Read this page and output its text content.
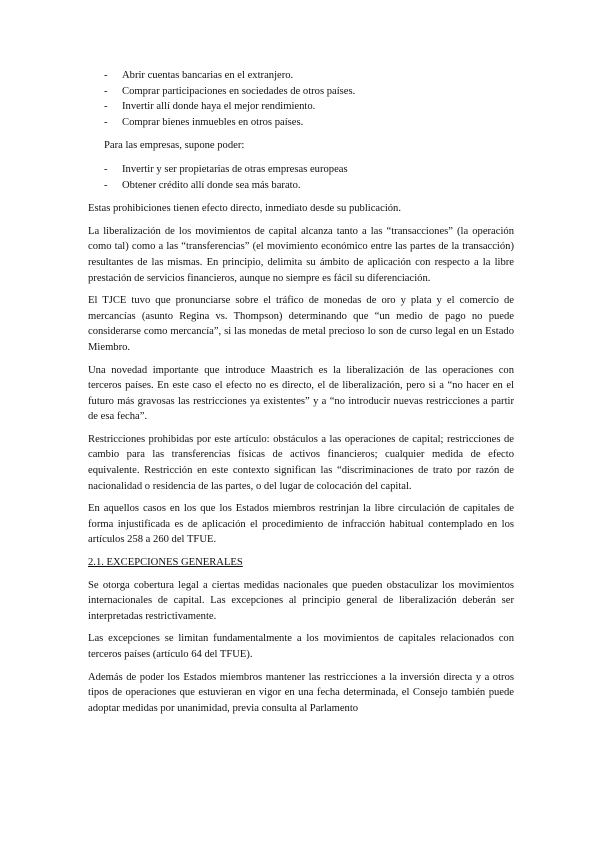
- Abrir cuentas bancarias en el extranjero.
- Comprar participaciones en sociedades de otros países.
- Invertir allí donde haya el mejor rendimiento.
- Comprar bienes inmuebles en otros países.

Para las empresas, supone poder:

- Invertir y ser propietarias de otras empresas europeas
- Obtener crédito allí donde sea más barato.

Estas prohibiciones tienen efecto directo, inmediato desde su publicación.

La liberalización de los movimientos de capital alcanza tanto a las “transacciones” (la operación como tal) como a las “transferencias” (el movimiento económico entre las partes de la transacción) resultantes de las mismas. En principio, delimita su ámbito de aplicación con respecto a la libre prestación de servicios financieros, aunque no siempre es fácil su diferenciación.

El TJCE tuvo que pronunciarse sobre el tráfico de monedas de oro y plata y el comercio de mercancías (asunto Regina vs. Thompson) determinando que “un medio de pago no puede considerarse como mercancía”, si las monedas de metal precioso lo son de curso legal en un Estado Miembro.

Una novedad importante que introduce Maastrich es la liberalización de las operaciones con terceros países. En este caso el efecto no es directo, el de liberalización, pero si a “no hacer en el futuro más gravosas las restricciones ya existentes” y a “no introducir nuevas restricciones a partir de esa fecha”.

Restricciones prohibidas por este artículo: obstáculos a las operaciones de capital; restricciones de cambio para las transferencias físicas de activos financieros; cualquier medida de efecto equivalente. Restricción en este contexto significan las “discriminaciones de trato por razón de nacionalidad o residencia de las partes, o del lugar de colocación del capital.

En aquellos casos en los que los Estados miembros restrinjan la libre circulación de capitales de forma injustificada es de aplicación el procedimiento de infracción habitual contemplado en los artículos 258 a 260 del TFUE.

2.1. EXCEPCIONES GENERALES

Se otorga cobertura legal a ciertas medidas nacionales que pueden obstaculizar los movimientos internacionales de capital. Las excepciones al principio general de liberalización deberán ser interpretadas restrictivamente.

Las excepciones se limitan fundamentalmente a los movimientos de capitales relacionados con terceros países (artículo 64 del TFUE).

Además de poder los Estados miembros mantener las restricciones a la inversión directa y a otros tipos de operaciones que estuvieran en vigor en una fecha determinada, el Consejo también puede adoptar medidas por unanimidad, previa consulta al Parlamento
